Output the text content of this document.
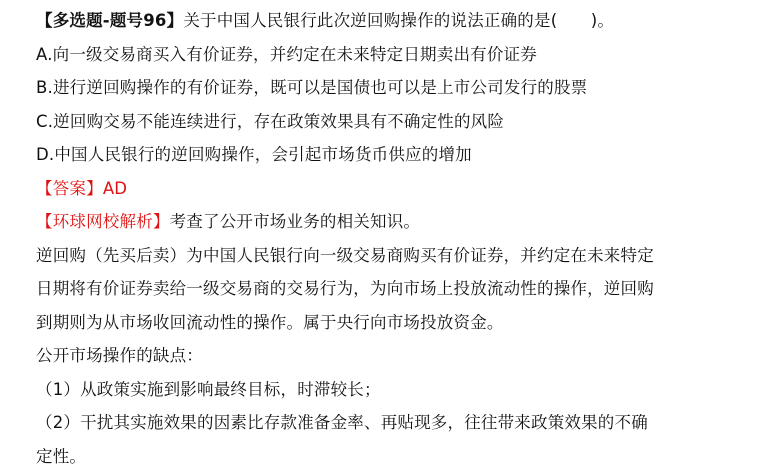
【多选题-题号96】关于中国人民银行此次逆回购操作的说法正确的是(　　)。
A.向一级交易商买入有价证券，并约定在未来特定日期卖出有价证券
B.进行逆回购操作的有价证券，既可以是国债也可以是上市公司发行的股票
C.逆回购交易不能连续进行，存在政策效果具有不确定性的风险
D.中国人民银行的逆回购操作，会引起市场货币供应的增加
【答案】AD
【环球网校解析】考查了公开市场业务的相关知识。
逆回购（先买后卖）为中国人民银行向一级交易商购买有价证券，并约定在未来特定
日期将有价证券卖给一级交易商的交易行为，为向市场上投放流动性的操作，逆回购
到期则为从市场收回流动性的操作。属于央行向市场投放资金。
公开市场操作的缺点：
（1）从政策实施到影响最终目标，时滞较长；
（2）干扰其实施效果的因素比存款准备金率、再贴现多，往往带来政策效果的不确
定性。
